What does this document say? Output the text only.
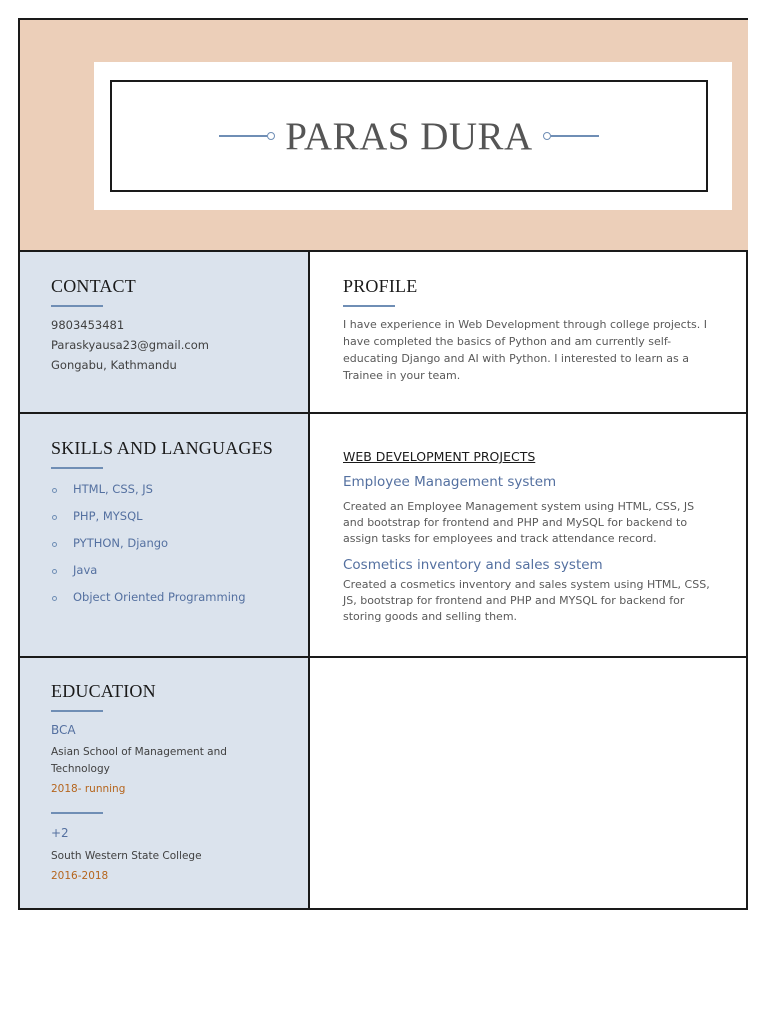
PARAS DURA
CONTACT
9803453481
Paraskyausa23@gmail.com
Gongabu, Kathmandu
PROFILE
I have experience in Web Development through college projects. I
have completed the basics of Python and am currently self-
educating Django and AI with Python. I interested to learn as a
Trainee in your team.
SKILLS AND LANGUAGES
HTML, CSS, JS
PHP, MYSQL
PYTHON, Django
Java
Object Oriented Programming
WEB DEVELOPMENT PROJECTS
Employee Management system
Created an Employee Management system using HTML, CSS, JS
and bootstrap for frontend and PHP and MySQL for backend to
assign tasks for employees and track attendance record.
Cosmetics inventory and sales system
Created a cosmetics inventory and sales system using HTML, CSS,
JS, bootstrap for frontend and PHP and MYSQL for backend for
storing goods and selling them.
EDUCATION
BCA
Asian School of Management and
Technology
2018- running
+2
South Western State College
2016-2018
